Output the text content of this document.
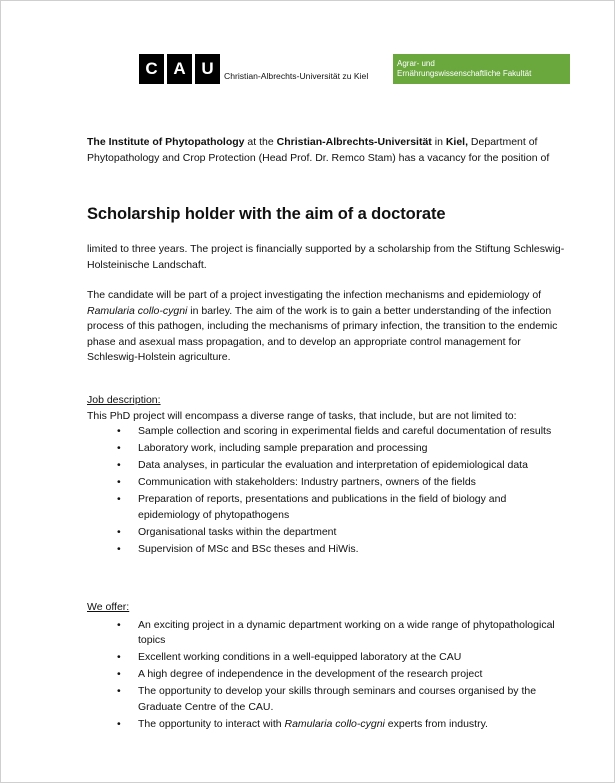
C A U	Christian-Albrechts-Universität zu Kiel
Agrar- und
Ernährungswissenschaftliche Fakultät

The Institute of Phytopathology at the Christian-Albrechts-Universität in Kiel, Department of Phytopathology and Crop Protection (Head Prof. Dr. Remco Stam) has a vacancy for the position of

Scholarship holder with the aim of a doctorate

limited to three years. The project is financially supported by a scholarship from the Stiftung Schleswig-Holsteinische Landschaft.

The candidate will be part of a project investigating the infection mechanisms and epidemiology of Ramularia collo-cygni in barley. The aim of the work is to gain a better understanding of the infection process of this pathogen, including the mechanisms of primary infection, the transition to the endemic phase and asexual mass propagation, and to develop an appropriate control management for Schleswig-Holstein agriculture.

Job description:

This PhD project will encompass a diverse range of tasks, that include, but are not limited to:

• Sample collection and scoring in experimental fields and careful documentation of results
• Laboratory work, including sample preparation and processing
• Data analyses, in particular the evaluation and interpretation of epidemiological data
• Communication with stakeholders: Industry partners, owners of the fields
• Preparation of reports, presentations and publications in the field of biology and epidemiology of phytopathogens
• Organisational tasks within the department
• Supervision of MSc and BSc theses and HiWis.

We offer:

• An exciting project in a dynamic department working on a wide range of phytopathological topics
• Excellent working conditions in a well-equipped laboratory at the CAU
• A high degree of independence in the development of the research project
• The opportunity to develop your skills through seminars and courses organised by the Graduate Centre of the CAU.
• The opportunity to interact with Ramularia collo-cygni experts from industry.
